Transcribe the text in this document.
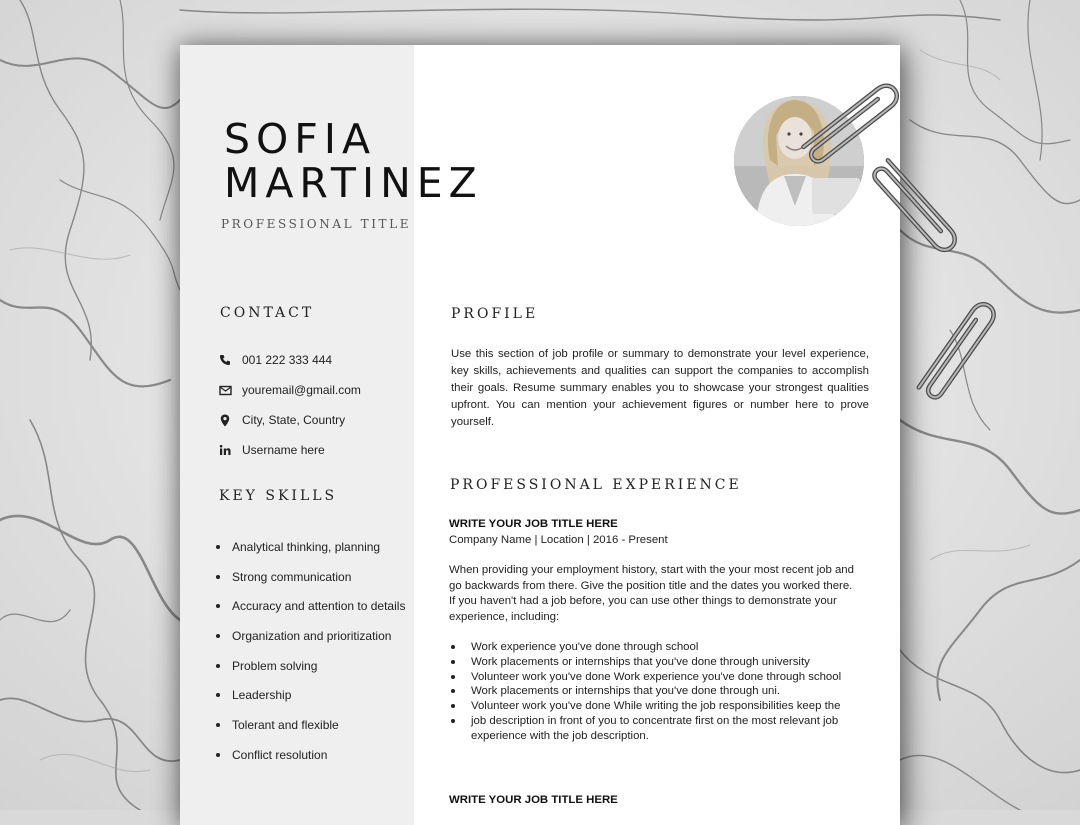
SOFIA
MARTINEZ
PROFESSIONAL TITLE
CONTACT
001 222 333 444
youremail@gmail.com
City, State, Country
Username here
KEY SKILLS
Analytical thinking, planning
Strong communication
Accuracy and attention to details
Organization and prioritization
Problem solving
Leadership
Tolerant and flexible
Conflict resolution
PROFILE

Use this section of job profile or summary to demonstrate your level experience, key skills, achievements and qualities can support the companies to accomplish their goals. Resume summary enables you to showcase your strongest qualities upfront. You can mention your achievement figures or number here to prove yourself.

PROFESSIONAL EXPERIENCE
WRITE YOUR JOB TITLE HERE
Company Name | Location | 2016 - Present

When providing your employment history, start with the your most recent job and go backwards from there. Give the position title and the dates you worked there. If you haven't had a job before, you can use other things to demonstrate your experience, including:

Work experience you've done through school
Work placements or internships that you've done through university
Volunteer work you've done Work experience you've done through school
Work placements or internships that you've done through uni.
Volunteer work you've done While writing the job responsibilities keep the
job description in front of you to concentrate first on the most relevant job experience with the job description.
WRITE YOUR JOB TITLE HERE
